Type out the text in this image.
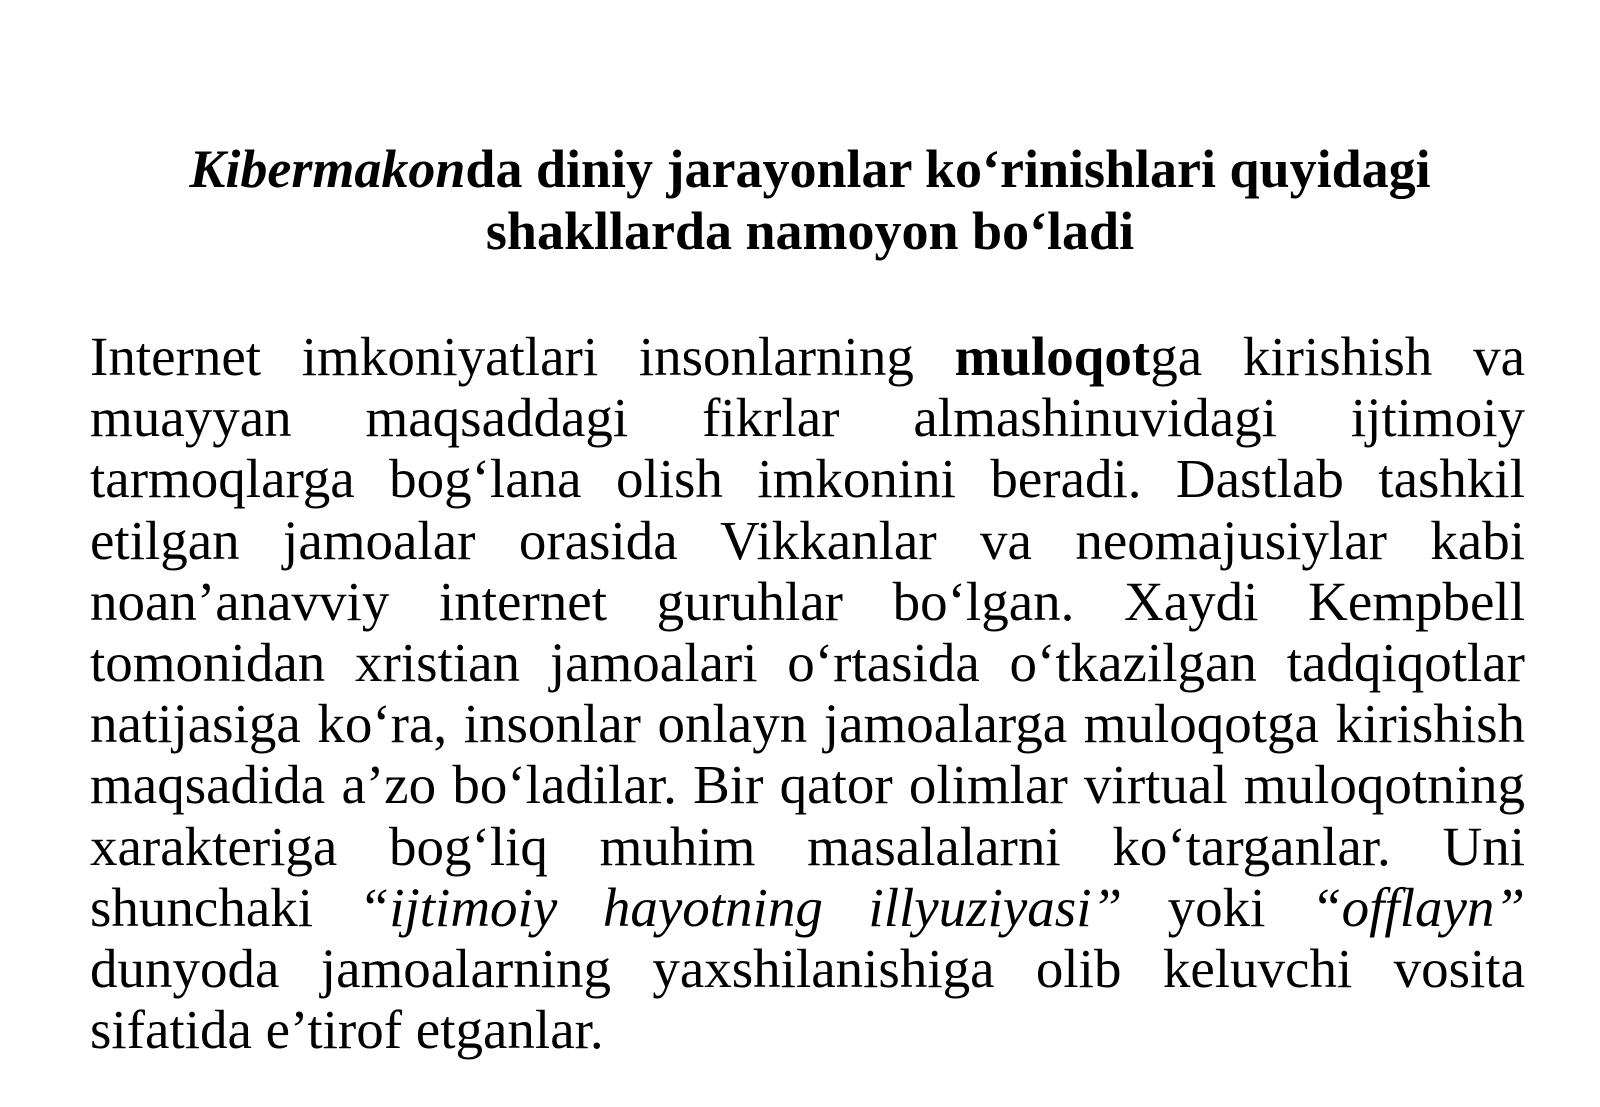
Kibermakonda diniy jarayonlar ko‘rinishlari quyidagi
shakllarda namoyon bo‘ladi
Internet imkoniyatlari insonlarning muloqotga kirishish va muayyan maqsaddagi fikrlar almashinuvidagi ijtimoiy tarmoqlarga bog‘lana olish imkonini beradi. Dastlab tashkil etilgan jamoalar orasida Vikkanlar va neomajusiylar kabi noan’anavviy internet guruhlar bo‘lgan. Xaydi Kempbell tomonidan xristian jamoalari o‘rtasida o‘tkazilgan tadqiqotlar natijasiga ko‘ra, insonlar onlayn jamoalarga muloqotga kirishish maqsadida a’zo bo‘ladilar. Bir qator olimlar virtual muloqotning xarakteriga bog‘liq muhim masalalarni ko‘targanlar. Uni shunchaki “ijtimoiy hayotning illyuziyasi” yoki “offlayn” dunyoda jamoalarning yaxshilanishiga olib keluvchi vosita sifatida e’tirof etganlar.
